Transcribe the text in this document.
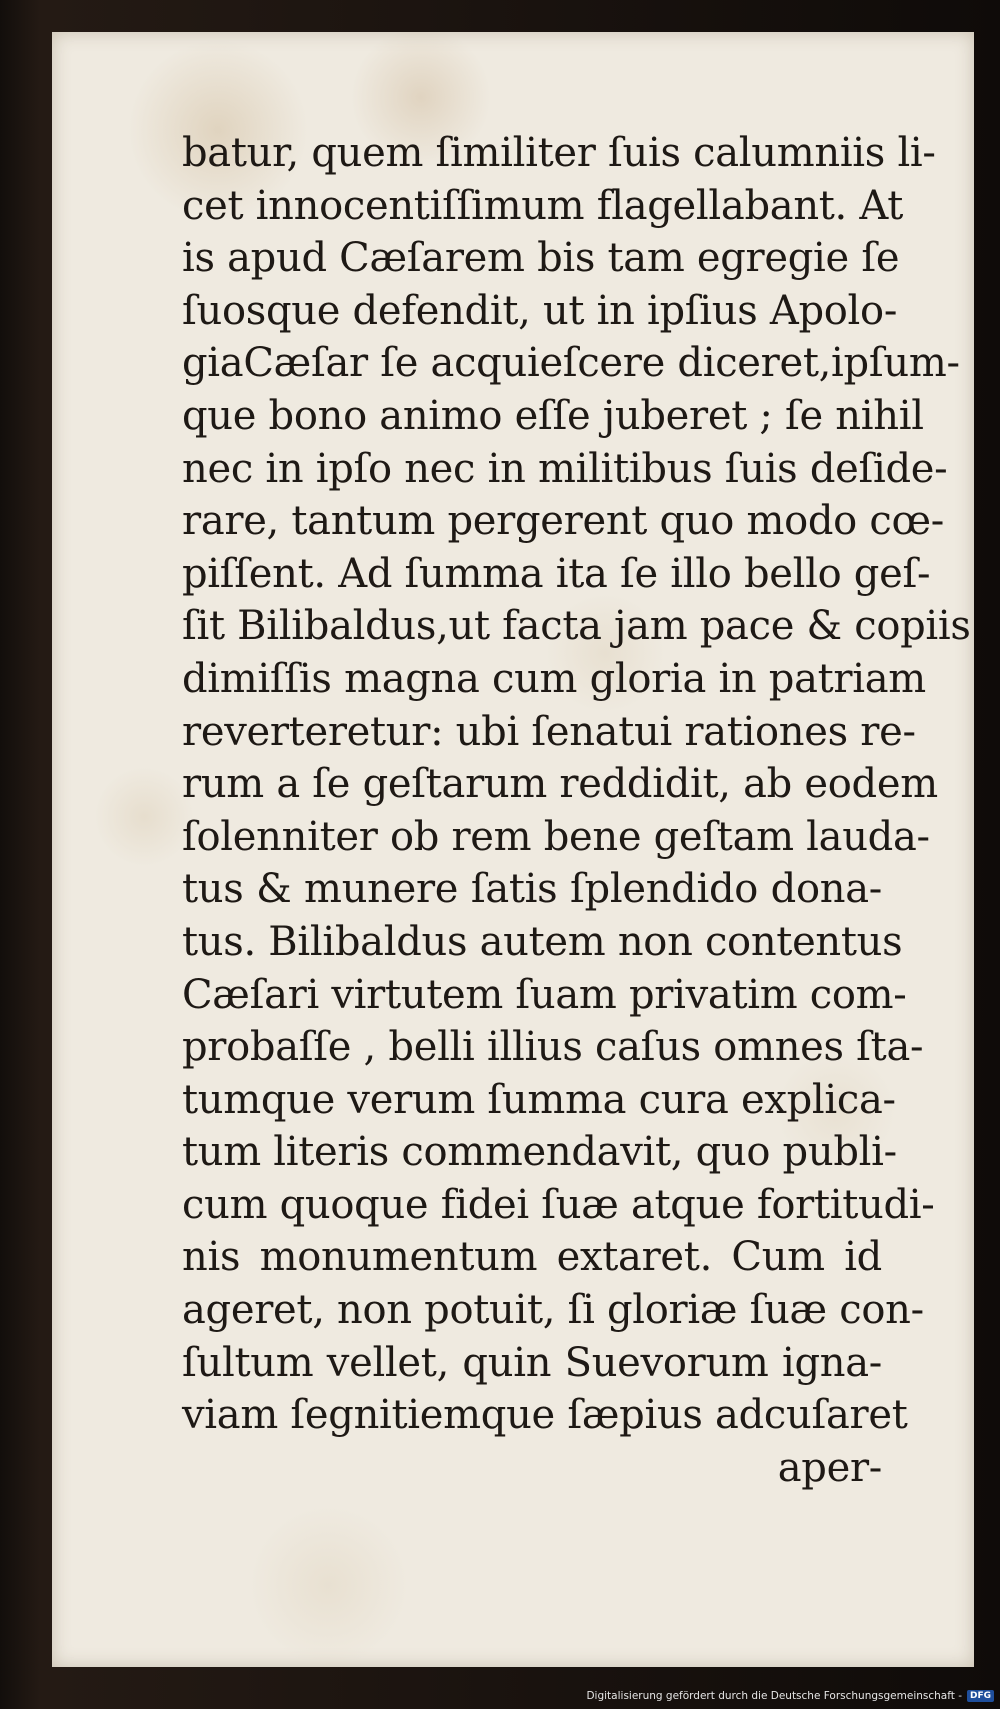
batur, quem ſimiliter ſuis calumniis li-
cet innocentiſſimum flagellabant. At
is apud Cæſarem bis tam egregie ſe
ſuosque defendit, ut in ipſius Apolo-
giaCæſar ſe acquieſcere diceret,ipſum-
que bono animo eſſe juberet ; ſe nihil
nec in ipſo nec in militibus ſuis deſide-
rare, tantum pergerent quo modo cœ-
piſſent. Ad ſumma ita ſe illo bello geſ-
ſit Bilibaldus,ut facta jam pace & copiis
dimiſſis magna cum gloria in patriam
reverteretur: ubi ſenatui rationes re-
rum a ſe geſtarum reddidit, ab eodem
ſolenniter ob rem bene geſtam lauda-
tus & munere ſatis ſplendido dona-
tus. Bilibaldus autem non contentus
Cæſari virtutem ſuam privatim com-
probaſſe , belli illius caſus omnes ſta-
tumque verum ſumma cura explica-
tum literis commendavit, quo publi-
cum quoque fidei ſuæ atque fortitudi-
nis monumentum extaret. Cum id
ageret, non potuit, ſi gloriæ ſuæ con-
ſultum vellet, quin Suevorum igna-
viam ſegnitiemque ſæpius adcuſaret
aper-
Digitalisierung gefördert durch die Deutsche Forschungsgemeinschaft - DFG
